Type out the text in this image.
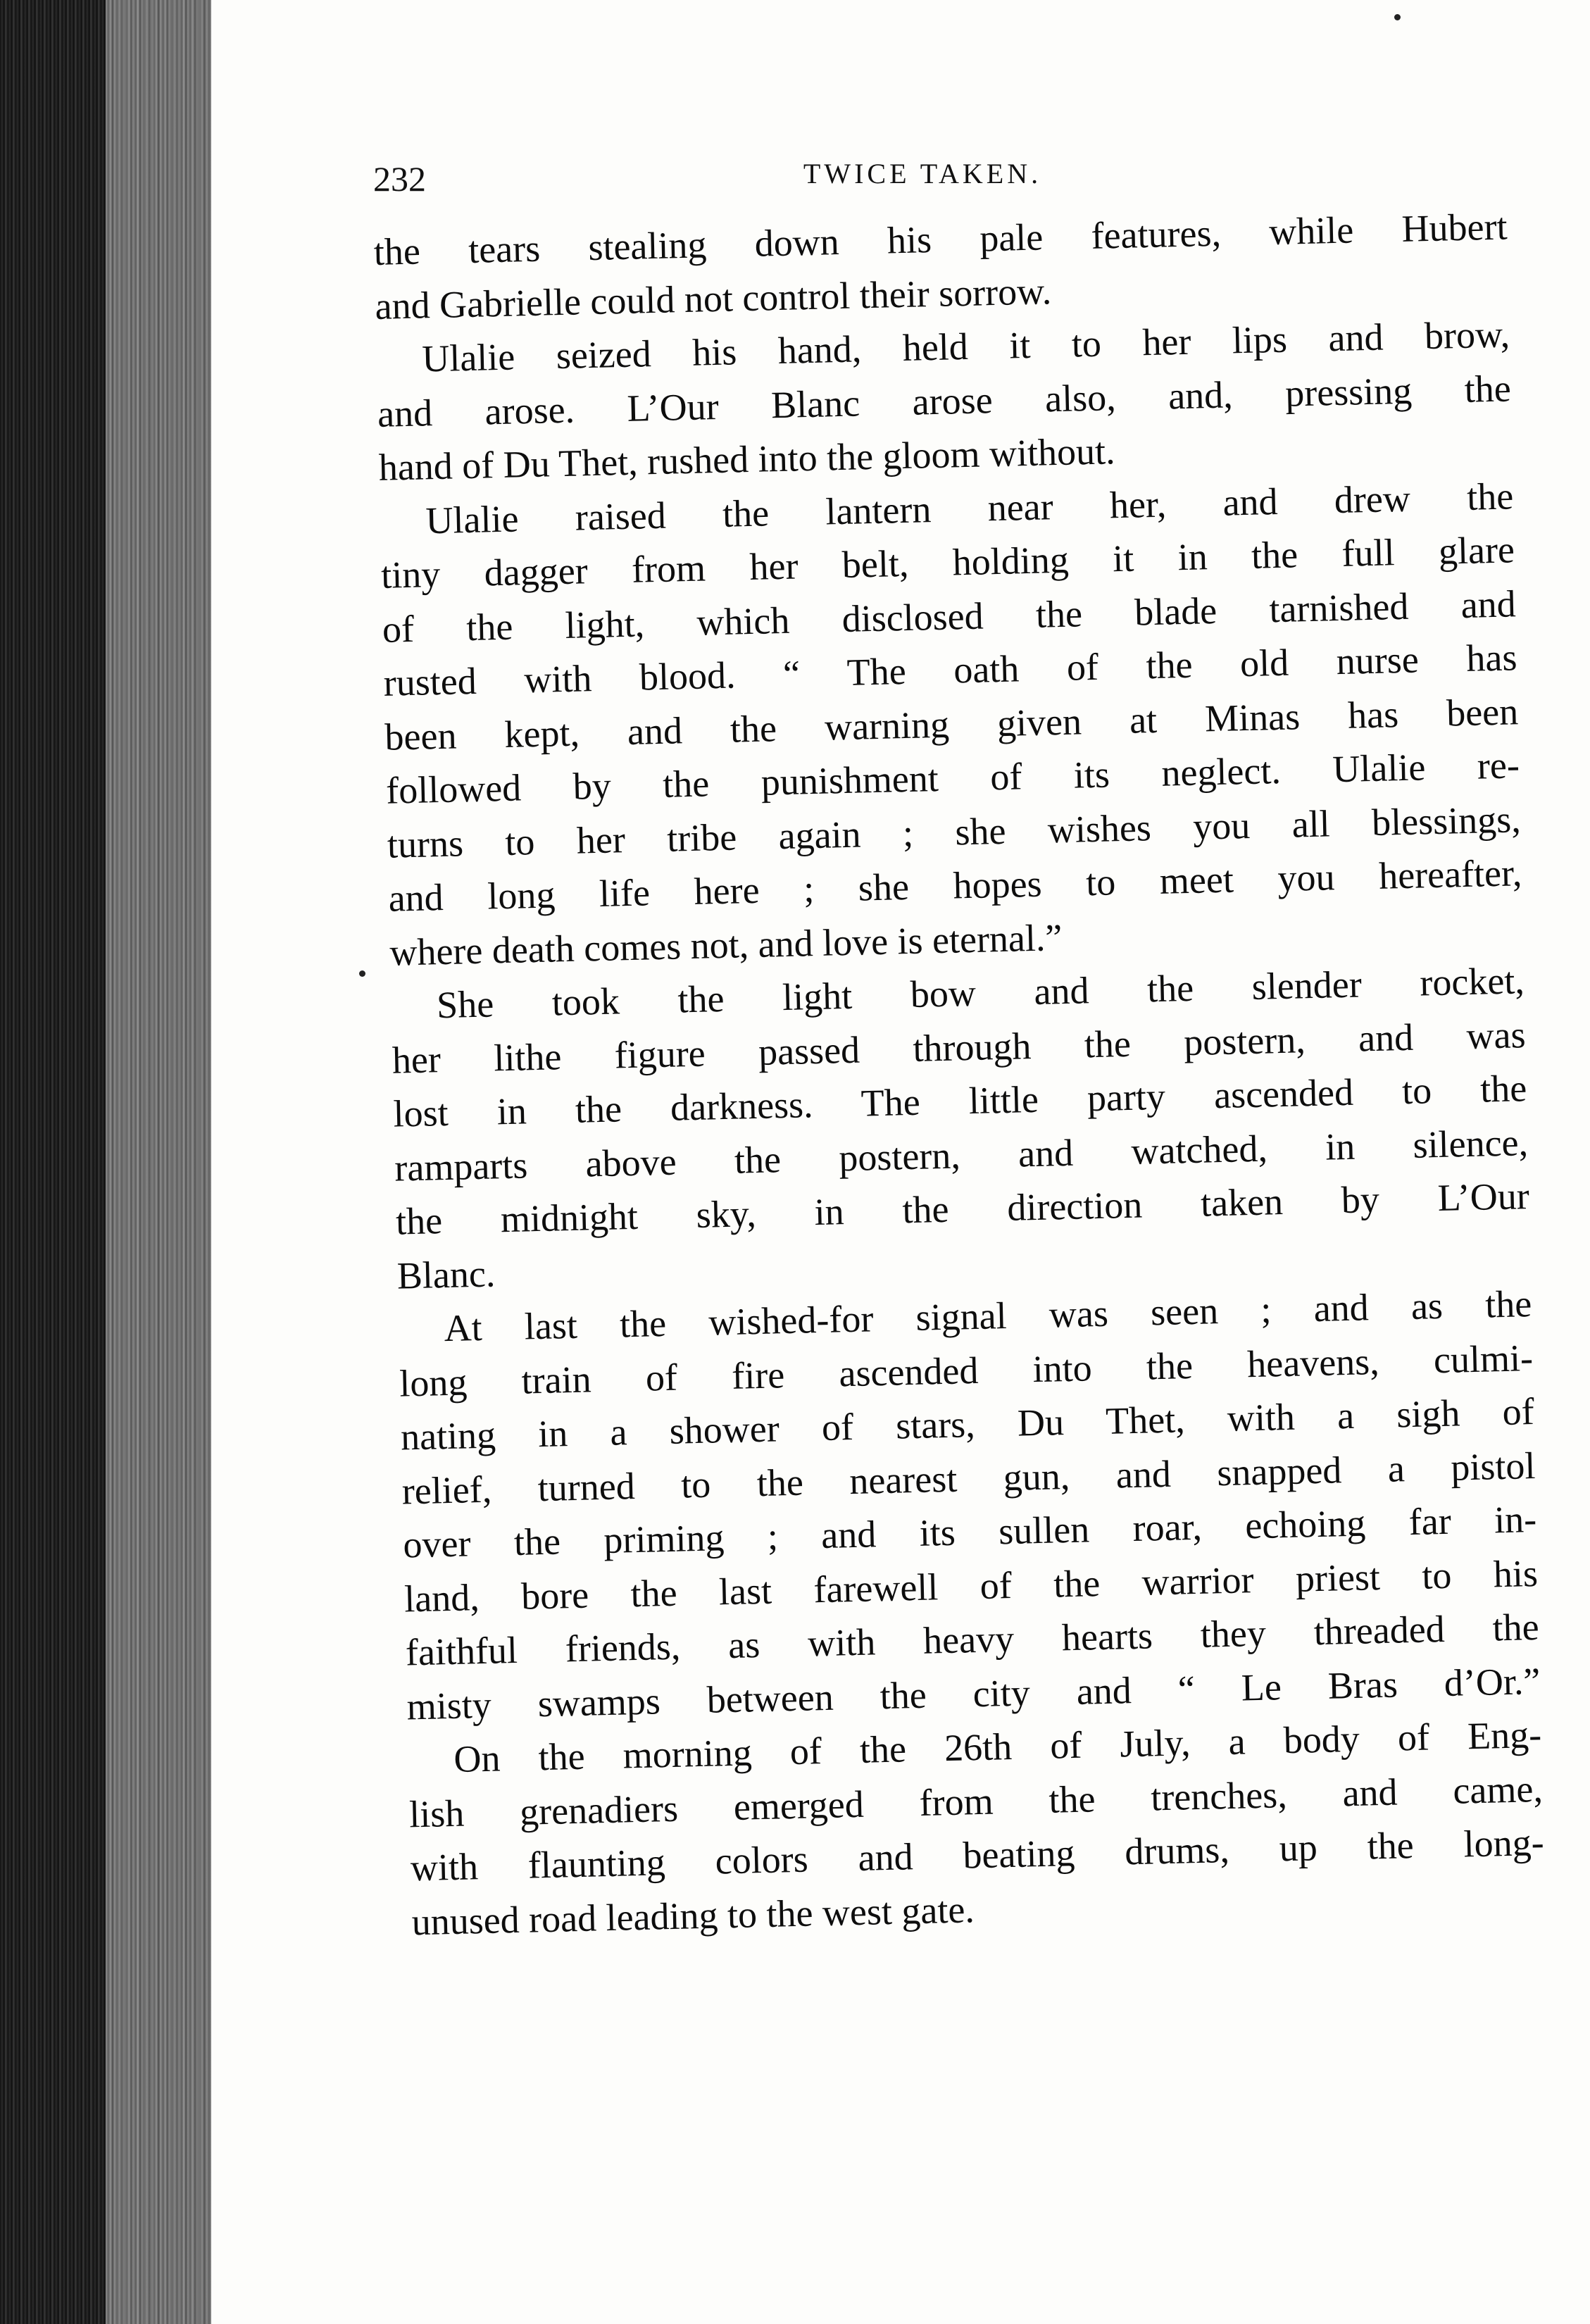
232	TWICE TAKEN.
the tears stealing down his pale features, while Hubert
and Gabrielle could not control their sorrow.
Ulalie seized his hand, held it to her lips and brow,
and arose. L’Our Blanc arose also, and, pressing the
hand of Du Thet, rushed into the gloom without.
Ulalie raised the lantern near her, and drew the
tiny dagger from her belt, holding it in the full glare
of the light, which disclosed the blade tarnished and
rusted with blood. “ The oath of the old nurse has
been kept, and the warning given at Minas has been
followed by the punishment of its neglect. Ulalie re-
turns to her tribe again ; she wishes you all blessings,
and long life here ; she hopes to meet you hereafter,
where death comes not, and love is eternal.”
She took the light bow and the slender rocket,
her lithe figure passed through the postern, and was
lost in the darkness. The little party ascended to the
ramparts above the postern, and watched, in silence,
the midnight sky, in the direction taken by L’Our
Blanc.
At last the wished-for signal was seen ; and as the
long train of fire ascended into the heavens, culmi-
nating in a shower of stars, Du Thet, with a sigh of
relief, turned to the nearest gun, and snapped a pistol
over the priming ; and its sullen roar, echoing far in-
land, bore the last farewell of the warrior priest to his
faithful friends, as with heavy hearts they threaded the
misty swamps between the city and “ Le Bras d’Or.”
On the morning of the 26th of July, a body of Eng-
lish grenadiers emerged from the trenches, and came,
with flaunting colors and beating drums, up the long-
unused road leading to the west gate.
